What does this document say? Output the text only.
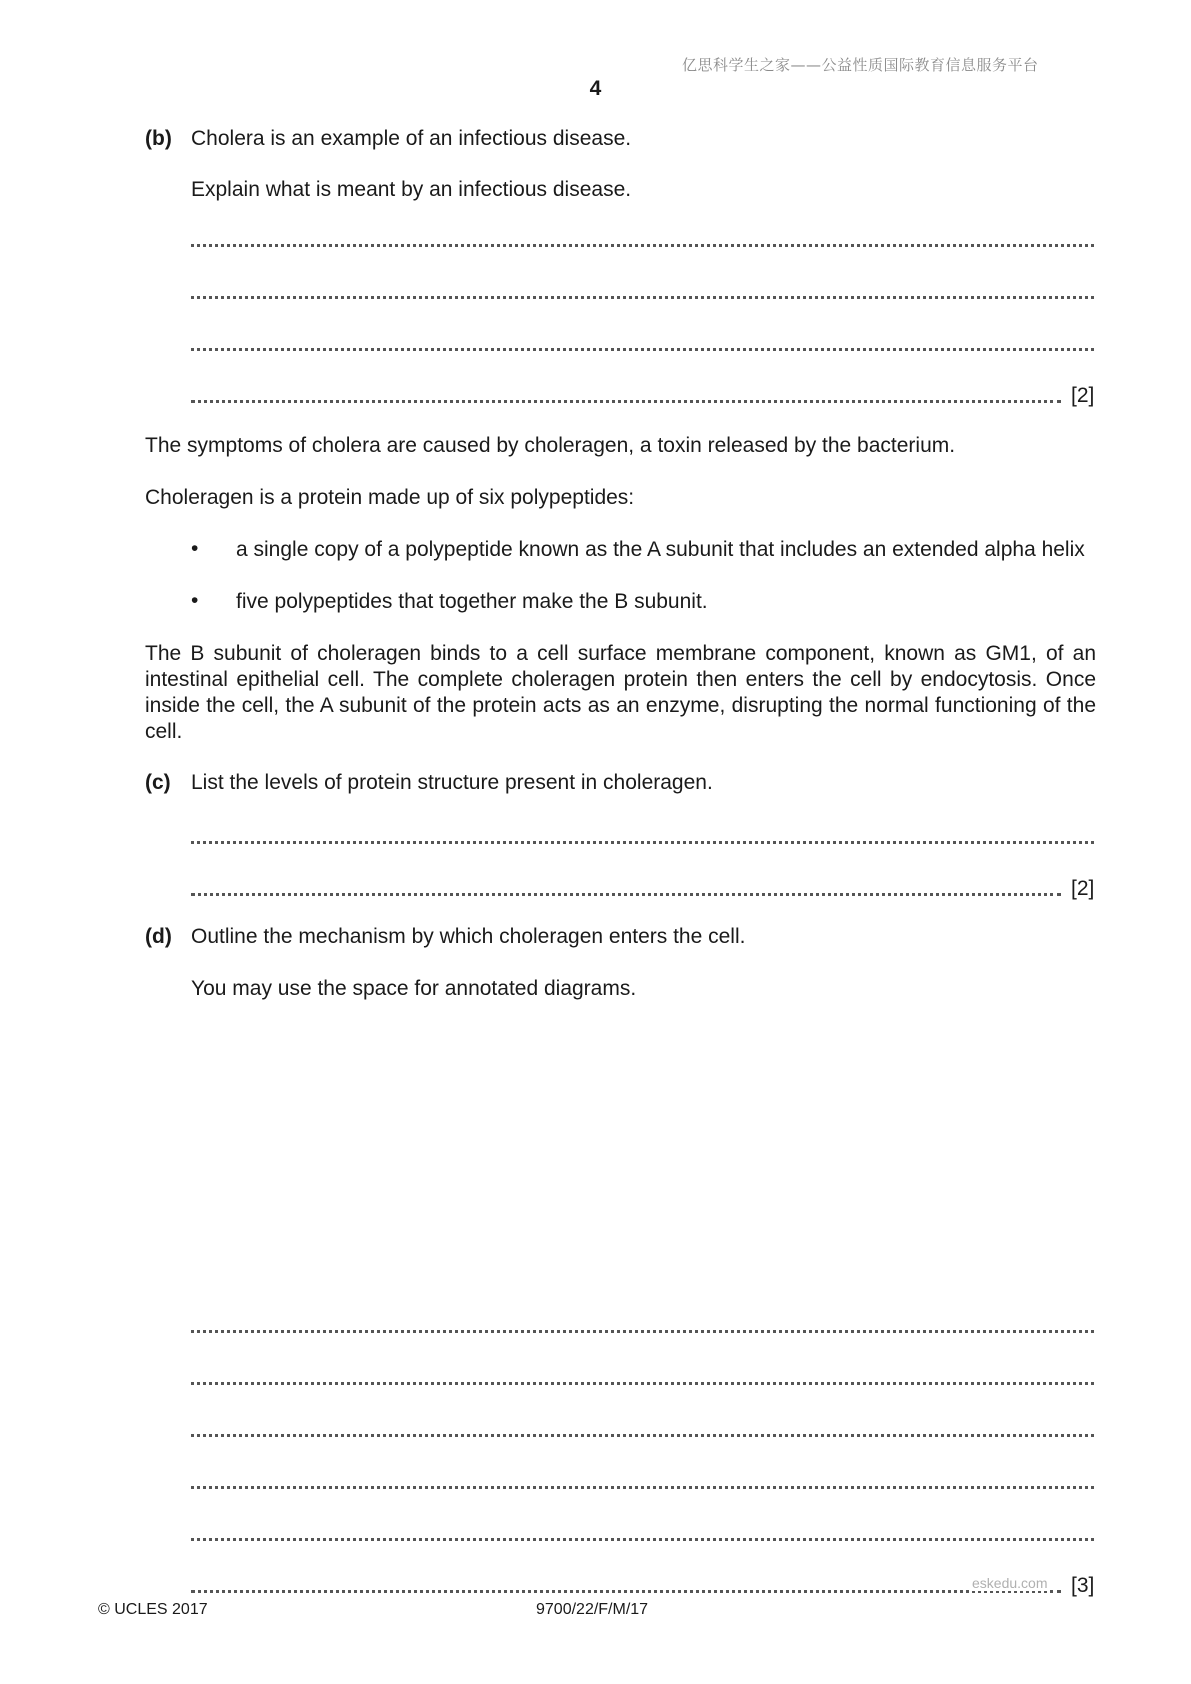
亿思科学生之家——公益性质国际教育信息服务平台
4
(b) Cholera is an example of an infectious disease.
Explain what is meant by an infectious disease.
[2]
The symptoms of cholera are caused by choleragen, a toxin released by the bacterium.
Choleragen is a protein made up of six polypeptides:
• a single copy of a polypeptide known as the A subunit that includes an extended alpha helix
• five polypeptides that together make the B subunit.
The B subunit of choleragen binds to a cell surface membrane component, known as GM1, of an intestinal epithelial cell. The complete choleragen protein then enters the cell by endocytosis. Once inside the cell, the A subunit of the protein acts as an enzyme, disrupting the normal functioning of the cell.
(c) List the levels of protein structure present in choleragen.
[2]
(d) Outline the mechanism by which choleragen enters the cell.
You may use the space for annotated diagrams.
eskedu.com [3]
© UCLES 2017	9700/22/F/M/17
